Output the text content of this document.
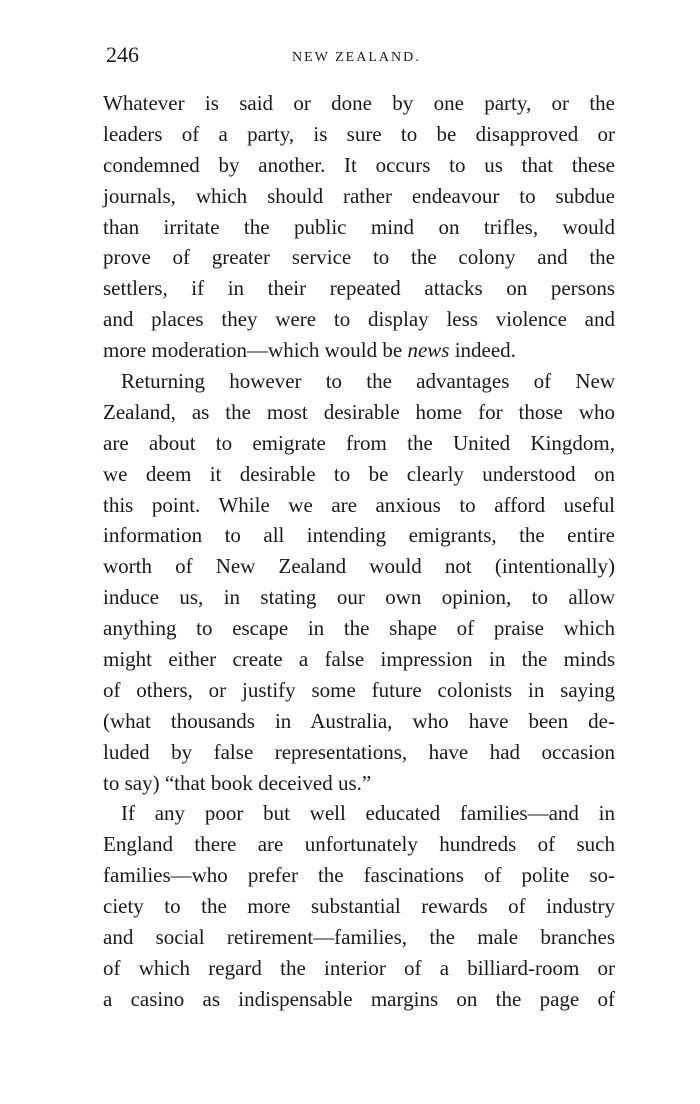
246	NEW ZEALAND.
Whatever is said or done by one party, or the
leaders of a party, is sure to be disapproved or
condemned by another. It occurs to us that these
journals, which should rather endeavour to subdue
than irritate the public mind on trifles, would
prove of greater service to the colony and the
settlers, if in their repeated attacks on persons
and places they were to display less violence and
more moderation—which would be news indeed.
Returning however to the advantages of New
Zealand, as the most desirable home for those who
are about to emigrate from the United Kingdom,
we deem it desirable to be clearly understood on
this point. While we are anxious to afford useful
information to all intending emigrants, the entire
worth of New Zealand would not (intentionally)
induce us, in stating our own opinion, to allow
anything to escape in the shape of praise which
might either create a false impression in the minds
of others, or justify some future colonists in saying
(what thousands in Australia, who have been de-
luded by false representations, have had occasion
to say) “that book deceived us.”
If any poor but well educated families—and in
England there are unfortunately hundreds of such
families—who prefer the fascinations of polite so-
ciety to the more substantial rewards of industry
and social retirement—families, the male branches
of which regard the interior of a billiard-room or
a casino as indispensable margins on the page of
